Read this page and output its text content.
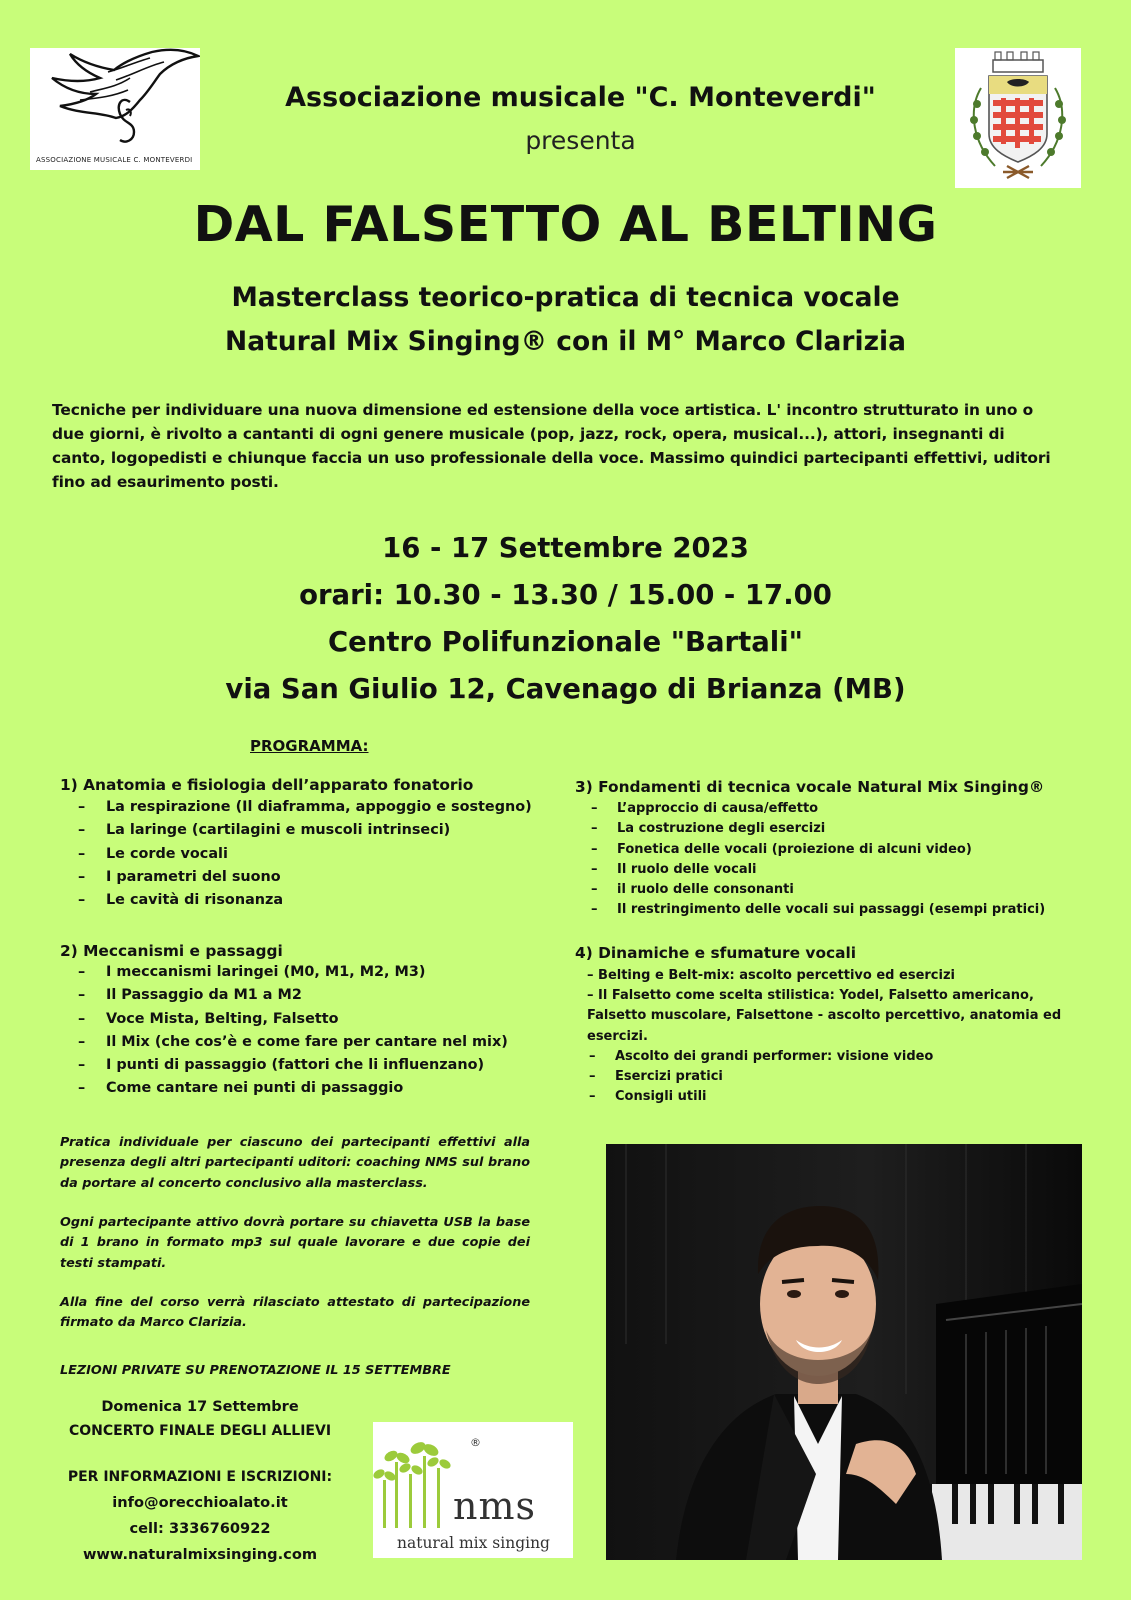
ASSOCIAZIONE MUSICALE C. MONTEVERDI
Associazione musicale "C. Monteverdi"
presenta
DAL FALSETTO AL BELTING
Masterclass teorico-pratica di tecnica vocale
Natural Mix Singing® con il M° Marco Clarizia
Tecniche per individuare una nuova dimensione ed estensione della voce artistica. L' incontro strutturato in uno o due giorni, è rivolto a cantanti di ogni genere musicale (pop, jazz, rock, opera, musical...), attori, insegnanti di canto, logopedisti e chiunque faccia un uso professionale della voce. Massimo quindici partecipanti effettivi, uditori fino ad esaurimento posti.
16 - 17 Settembre 2023
orari: 10.30 - 13.30 / 15.00 - 17.00
Centro Polifunzionale "Bartali"
via San Giulio 12, Cavenago di Brianza (MB)
PROGRAMMA:
1) Anatomia e fisiologia dell’apparato fonatorio
– La respirazione (Il diaframma, appoggio e sostegno)
– La laringe (cartilagini e muscoli intrinseci)
– Le corde vocali
– I parametri del suono
– Le cavità di risonanza
2) Meccanismi e passaggi
– I meccanismi laringei (M0, M1, M2, M3)
– Il Passaggio da M1 a M2
– Voce Mista, Belting, Falsetto
– Il Mix (che cos’è e come fare per cantare nel mix)
– I punti di passaggio (fattori che li influenzano)
– Come cantare nei punti di passaggio
3) Fondamenti di tecnica vocale Natural Mix Singing®
– L’approccio di causa/effetto
– La costruzione degli esercizi
– Fonetica delle vocali (proiezione di alcuni video)
– Il ruolo delle vocali
– il ruolo delle consonanti
– Il restringimento delle vocali sui passaggi (esempi pratici)
4) Dinamiche e sfumature vocali
– Belting e Belt-mix: ascolto percettivo ed esercizi
– Il Falsetto come scelta stilistica: Yodel, Falsetto americano, Falsetto muscolare, Falsettone - ascolto percettivo, anatomia ed esercizi.
– Ascolto dei grandi performer: visione video
– Esercizi pratici
– Consigli utili
Pratica individuale per ciascuno dei partecipanti effettivi alla presenza degli altri partecipanti uditori: coaching NMS sul brano da portare al concerto conclusivo alla masterclass.
Ogni partecipante attivo dovrà portare su chiavetta USB la base di 1 brano in formato mp3 sul quale lavorare e due copie dei testi stampati.
Alla fine del corso verrà rilasciato attestato di partecipazione firmato da Marco Clarizia.
LEZIONI PRIVATE SU PRENOTAZIONE IL 15 SETTEMBRE
Domenica 17 Settembre
CONCERTO FINALE DEGLI ALLIEVI
PER INFORMAZIONI E ISCRIZIONI:
info@orecchioalato.it
cell: 3336760922
www.naturalmixsinging.com
®
nms
natural mix singing
